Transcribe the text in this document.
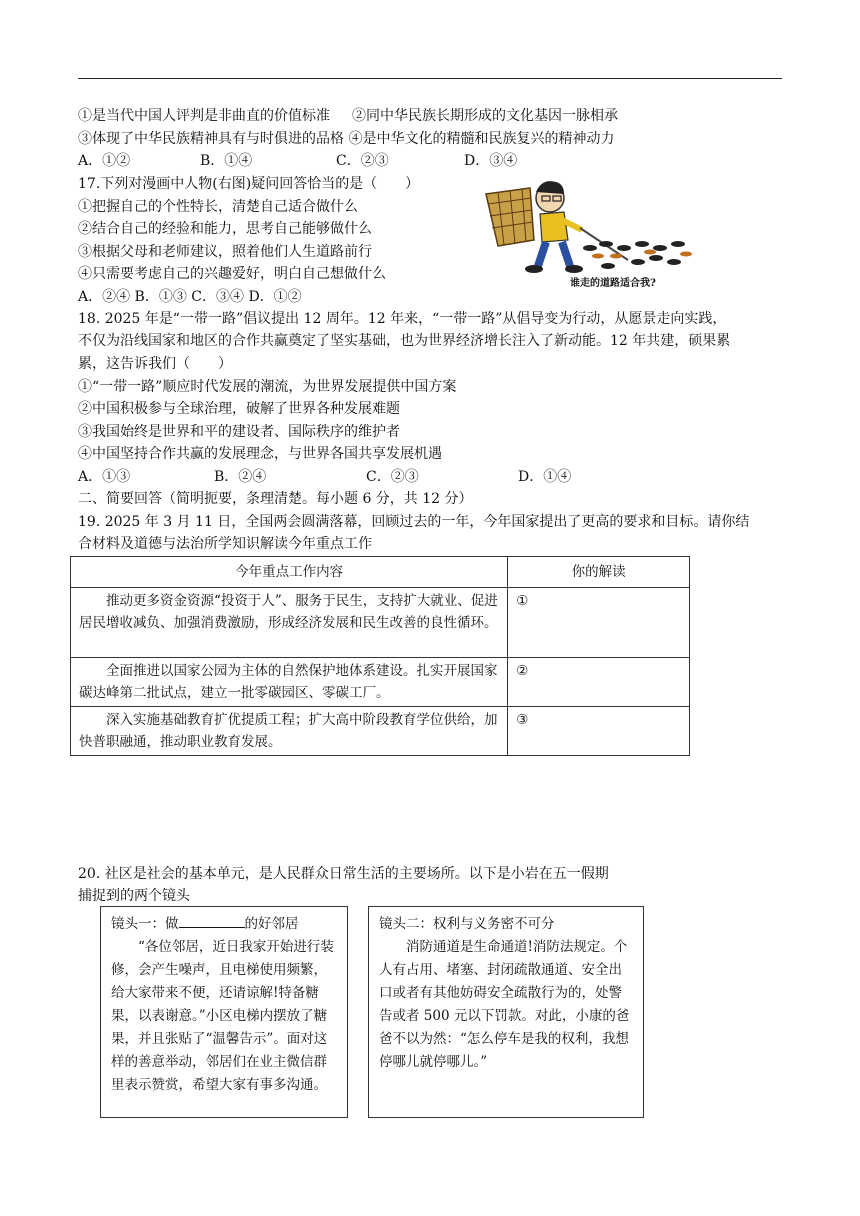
①是当代中国人评判是非曲直的价值标准 ②同中华民族长期形成的文化基因一脉相承
③体现了中华民族精神具有与时俱进的品格 ④是中华文化的精髓和民族复兴的精神动力
A．①②	B．①④	C．②③	D．③④
17.下列对漫画中人物(右图)疑问回答恰当的是（　　）
①把握自己的个性特长，清楚自己适合做什么
②结合自己的经验和能力，思考自己能够做什么
③根据父母和老师建议，照着他们人生道路前行
④只需要考虑自己的兴趣爱好，明白自己想做什么
A．②④ B．①③ C．③④ D．①②
谁走的道路适合我?
18. 2025 年是“一带一路”倡议提出 12 周年。12 年来，“一带一路”从倡导变为行动，从愿景走向实践，
不仅为沿线国家和地区的合作共赢奠定了坚实基础，也为世界经济增长注入了新动能。12 年共建，硕果累
累，这告诉我们（　　）
①“一带一路”顺应时代发展的潮流，为世界发展提供中国方案
②中国积极参与全球治理，破解了世界各种发展难题
③我国始终是世界和平的建设者、国际秩序的维护者
④中国坚持合作共赢的发展理念，与世界各国共享发展机遇
A．①③	B．②④	C．②③	D．①④
二、简要回答（简明扼要，条理清楚。每小题 6 分，共 12 分）
19. 2025 年 3 月 11 日，全国两会圆满落幕，回顾过去的一年，今年国家提出了更高的要求和目标。请你结
合材料及道德与法治所学知识解读今年重点工作
今年重点工作内容	你的解读
推动更多资金资源“投资于人”、服务于民生，支持扩大就业、促进居民增收减负、加强消费激励，形成经济发展和民生改善的良性循环。	①
全面推进以国家公园为主体的自然保护地体系建设。扎实开展国家碳达峰第二批试点，建立一批零碳园区、零碳工厂。	②
深入实施基础教育扩优提质工程；扩大高中阶段教育学位供给，加快普职融通，推动职业教育发展。	③
20. 社区是社会的基本单元，是人民群众日常生活的主要场所。以下是小岩在五一假期
捕捉到的两个镜头
镜头一：做	的好邻居
“各位邻居，近日我家开始进行装修，会产生噪声，且电梯使用频繁，给大家带来不便，还请谅解!特备糖果，以表谢意。”小区电梯内摆放了糖果，并且张贴了“温馨告示”。面对这样的善意举动，邻居们在业主微信群里表示赞赏，希望大家有事多沟通。
镜头二：权利与义务密不可分
消防通道是生命通道!消防法规定。个人有占用、堵塞、封闭疏散通道、安全出口或者有其他妨碍安全疏散行为的，处警告或者 500 元以下罚款。对此，小康的爸爸不以为然：“怎么停车是我的权利，我想停哪儿就停哪儿。”
